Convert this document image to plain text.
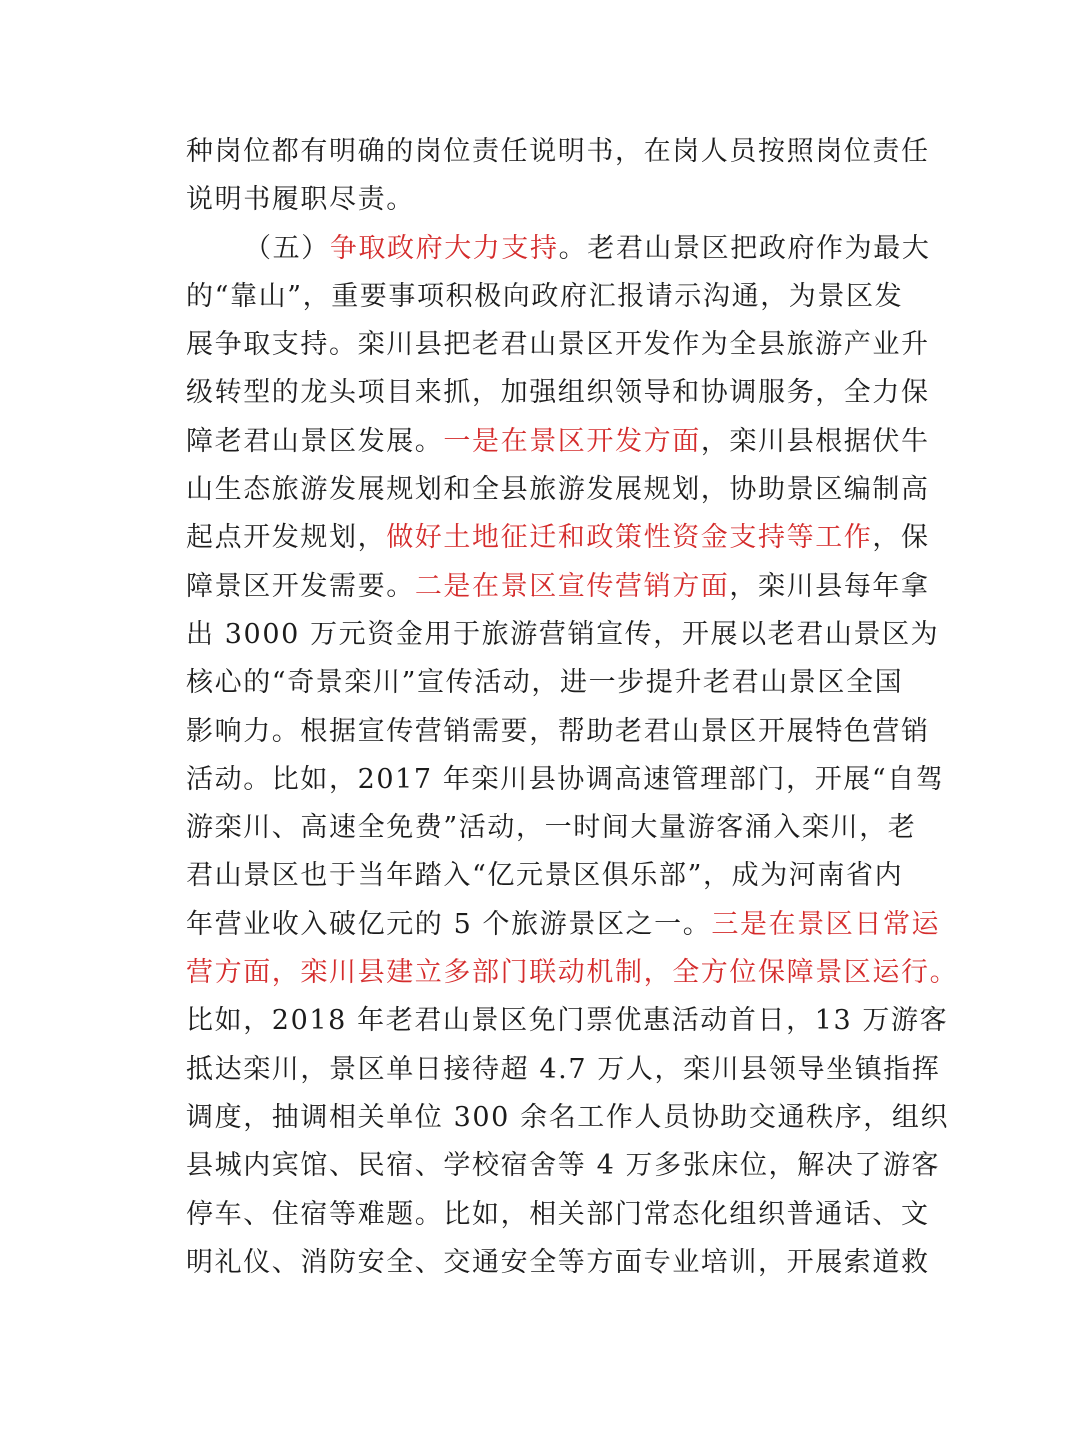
种岗位都有明确的岗位责任说明书，在岗人员按照岗位责任
说明书履职尽责。
（五）争取政府大力支持。老君山景区把政府作为最大
的“靠山”，重要事项积极向政府汇报请示沟通，为景区发
展争取支持。栾川县把老君山景区开发作为全县旅游产业升
级转型的龙头项目来抓，加强组织领导和协调服务，全力保
障老君山景区发展。一是在景区开发方面，栾川县根据伏牛
山生态旅游发展规划和全县旅游发展规划，协助景区编制高
起点开发规划，做好土地征迁和政策性资金支持等工作，保
障景区开发需要。二是在景区宣传营销方面，栾川县每年拿
出 3000 万元资金用于旅游营销宣传，开展以老君山景区为
核心的“奇景栾川”宣传活动，进一步提升老君山景区全国
影响力。根据宣传营销需要，帮助老君山景区开展特色营销
活动。比如，2017 年栾川县协调高速管理部门，开展“自驾
游栾川、高速全免费”活动，一时间大量游客涌入栾川，老
君山景区也于当年踏入“亿元景区俱乐部”，成为河南省内
年营业收入破亿元的 5 个旅游景区之一。三是在景区日常运
营方面，栾川县建立多部门联动机制，全方位保障景区运行。
比如，2018 年老君山景区免门票优惠活动首日，13 万游客
抵达栾川，景区单日接待超 4.7 万人，栾川县领导坐镇指挥
调度，抽调相关单位 300 余名工作人员协助交通秩序，组织
县城内宾馆、民宿、学校宿舍等 4 万多张床位，解决了游客
停车、住宿等难题。比如，相关部门常态化组织普通话、文
明礼仪、消防安全、交通安全等方面专业培训，开展索道救
